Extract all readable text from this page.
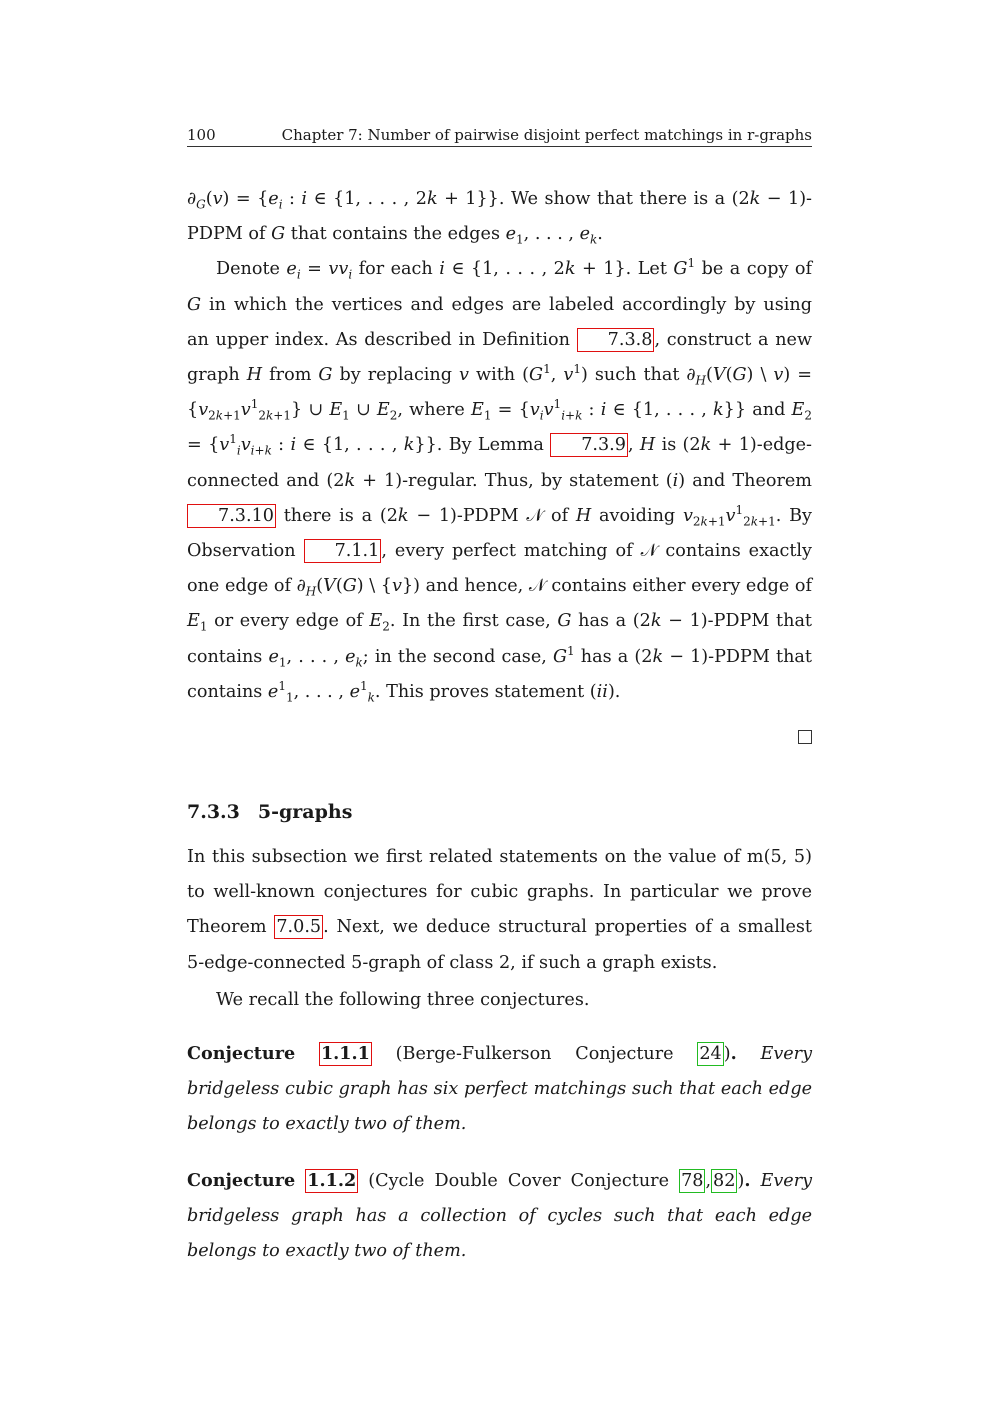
100	Chapter 7: Number of pairwise disjoint perfect matchings in r-graphs

$\partial_G(v) = \{e_i$ : i ∈ {1, . . . , 2k + 1}}. We show that there is a (2k − 1)-PDPM of G that contains the edges $e_1$, . . . , $e_k$.

Denote $e_i = vv_i$ for each i ∈ {1, . . . , 2k + 1}. Let $G^1$ be a copy of G in which the vertices and edges are labeled accordingly by using an upper index. As described in Definition 7.3.8 , construct a new graph H from G by replacing v with ($G^1$, $v^1$) such that $\partial_H(V(G)$ \ $v) = \{v_{2k+1}v^1_{2k+1}\}$ ∪ $E_1$ ∪ $E_2$, where $E_1 = \{v_iv^1_{i+k}$ : i ∈ {1, . . . , k}} and $E_2 = \{v^1_iv_{i+k}$ : i ∈ {1, . . . , k}}. By Lemma 7.3.9 , H is (2k + 1)-edge-connected and (2k + 1)-regular. Thus, by statement (i) and Theorem 7.3.10 there is a (2k − 1)-PDPM 𝒩 of H avoiding $v_{2k+1}v^1_{2k+1}$. By Observation 7.1.1 , every perfect matching of 𝒩 contains exactly one edge of $\partial_H(V(G)$ \ {v}) and hence, 𝒩 contains either every edge of $E_1$ or every edge of $E_2$. In the first case, G has a (2k − 1)-PDPM that contains $e_1$, . . . , $e_k$; in the second case, $G^1$ has a (2k − 1)-PDPM that contains $e^1_1$, . . . , $e^1_k$. This proves statement (ii).

7.3.3 5-graphs

In this subsection we first related statements on the value of m(5, 5) to well-known conjectures for cubic graphs. In particular we prove Theorem 7.0.5 . Next, we deduce structural properties of a smallest 5-edge-connected 5-graph of class 2, if such a graph exists.

We recall the following three conjectures.

Conjecture 1.1.1 (Berge-Fulkerson Conjecture 24 ). Every bridgeless cubic graph has six perfect matchings such that each edge belongs to exactly two of them.

Conjecture 1.1.2 (Cycle Double Cover Conjecture 78 , 82 ). Every bridgeless graph has a collection of cycles such that each edge belongs to exactly two of them.
